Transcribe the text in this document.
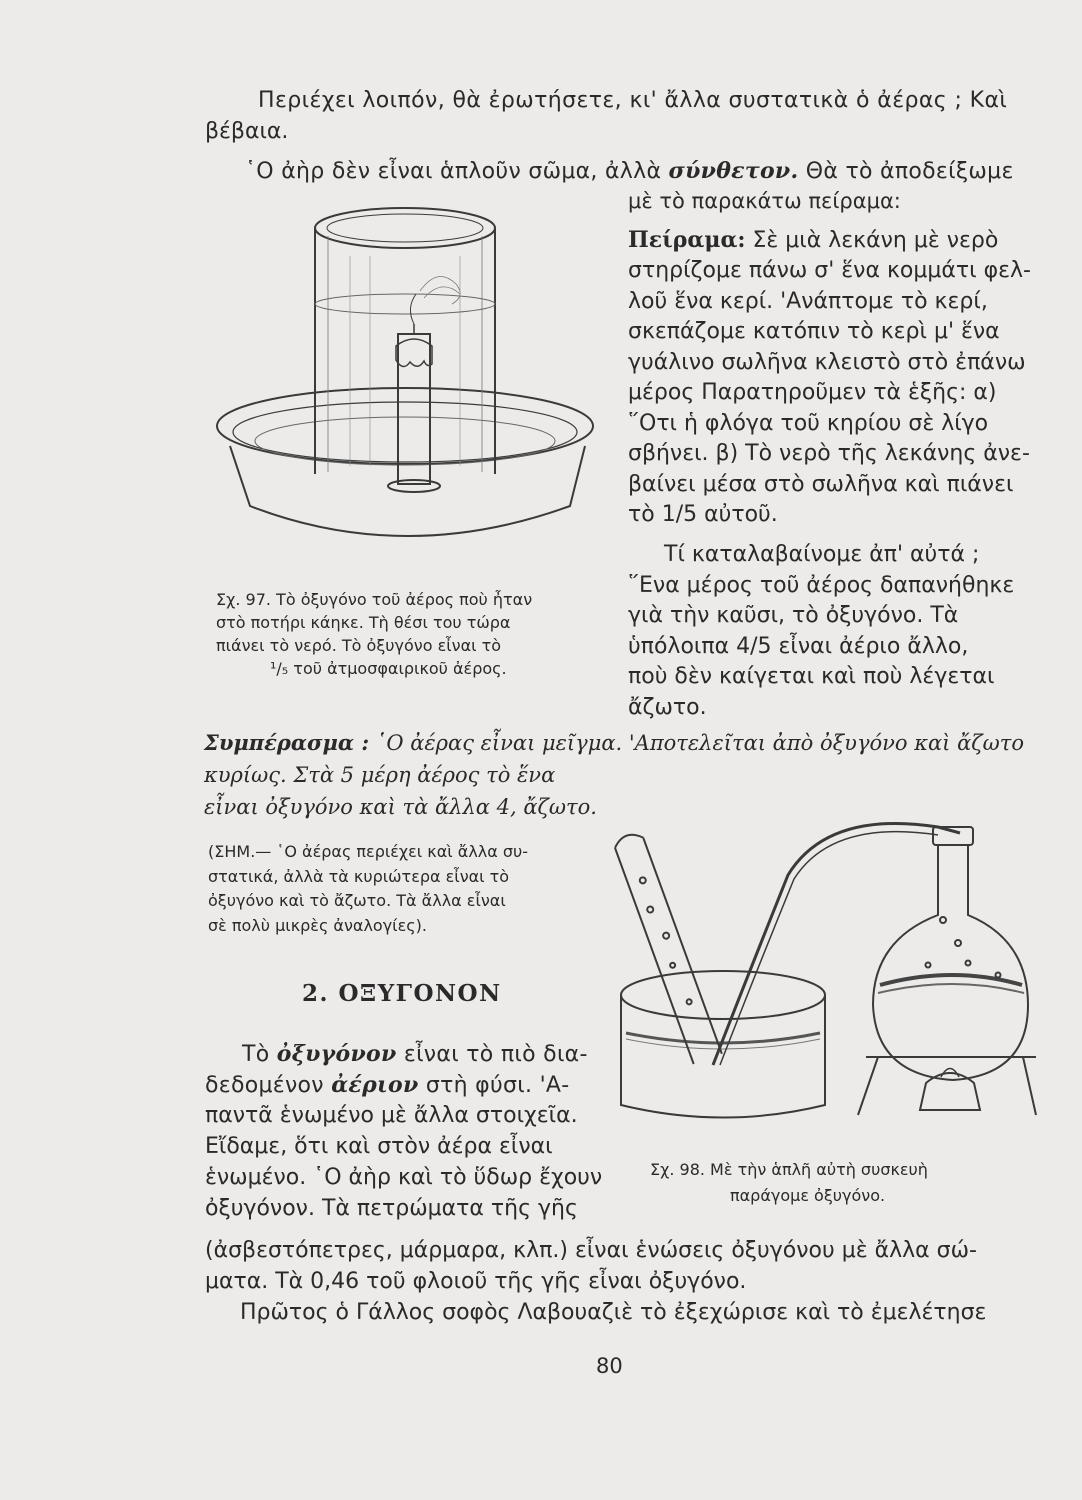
Περιέχει λοιπόν, θὰ ἐρωτήσετε, κι' ἄλλα συστατικὰ ὁ ἀέρας ; Καὶ

βέβαια.

῾Ο ἀὴρ δὲν εἶναι ἁπλοῦν σῶμα, ἀλλὰ σύνθετον. Θὰ τὸ ἀποδείξωμε

μὲ τὸ παρακάτω πείραμα:

Πείραμα: Σὲ μιὰ λεκάνη μὲ νερὸ

στηρίζομε πάνω σ' ἕνα κομμάτι φελ-

λοῦ ἕνα κερί. 'Ανάπτομε τὸ κερί,

σκεπάζομε κατόπιν τὸ κερὶ μ' ἕνα

γυάλινο σωλῆνα κλειστὸ στὸ ἐπάνω

μέρος Παρατηροῦμεν τὰ ἑξῆς: α)

῞Οτι ἡ φλόγα τοῦ κηρίου σὲ λίγο

σβήνει. β) Τὸ νερὸ τῆς λεκάνης ἀνε-

βαίνει μέσα στὸ σωλῆνα καὶ πιάνει

τὸ 1/5 αὐτοῦ.

Τί καταλαβαίνομε ἀπ' αὐτά ;

῞Ενα μέρος τοῦ ἀέρος δαπανήθηκε

γιὰ τὴν καῦσι, τὸ ὀξυγόνο. Τὰ

ὑπόλοιπα 4/5 εἶναι ἀέριο ἄλλο,

ποὺ δὲν καίγεται καὶ ποὺ λέγεται

ἄζωτο.

Σχ. 97. Τὸ ὀξυγόνο τοῦ ἀέρος ποὺ ἦταν

στὸ ποτήρι κάηκε. Τὴ θέσι του τώρα

πιάνει τὸ νερό. Τὸ ὀξυγόνο εἶναι τὸ

¹/₅ τοῦ ἀτμοσφαιρικοῦ ἀέρος.

Συμπέρασμα : ῾Ο ἀέρας εἶναι μεῖγμα. 'Αποτελεῖται ἀπὸ ὀξυγόνο καὶ ἄζωτο

κυρίως. Στὰ 5 μέρη ἀέρος τὸ ἕνα

εἶναι ὀξυγόνο καὶ τὰ ἄλλα 4, ἄζωτο.

(ΣΗΜ.— ῾Ο ἀέρας περιέχει καὶ ἄλλα συ-

στατικά, ἀλλὰ τὰ κυριώτερα εἶναι τὸ

ὀξυγόνο καὶ τὸ ἄζωτο. Τὰ ἄλλα εἶναι

σὲ πολὺ μικρὲς ἀναλογίες).

2. ΟΞΥΓΟΝΟΝ

Τὸ ὀξυγόνον εἶναι τὸ πιὸ δια-

δεδομένον ἀέριον στὴ φύσι. 'Α-

παντᾶ ἑνωμένο μὲ ἄλλα στοιχεῖα.

Εἴδαμε, ὅτι καὶ στὸν ἀέρα εἶναι

ἑνωμένο. ῾Ο ἀὴρ καὶ τὸ ὕδωρ ἔχουν

ὀξυγόνον. Τὰ πετρώματα τῆς γῆς

(ἀσβεστόπετρες, μάρμαρα, κλπ.) εἶναι ἑνώσεις ὀξυγόνου μὲ ἄλλα σώ-

ματα. Τὰ 0,46 τοῦ φλοιοῦ τῆς γῆς εἶναι ὀξυγόνο.

Πρῶτος ὁ Γάλλος σοφὸς Λαβουαζιὲ τὸ ἐξεχώρισε καὶ τὸ ἐμελέτησε

Σχ. 98. Μὲ τὴν ἁπλῆ αὐτὴ συσκευὴ

παράγομε ὀξυγόνο.

80
